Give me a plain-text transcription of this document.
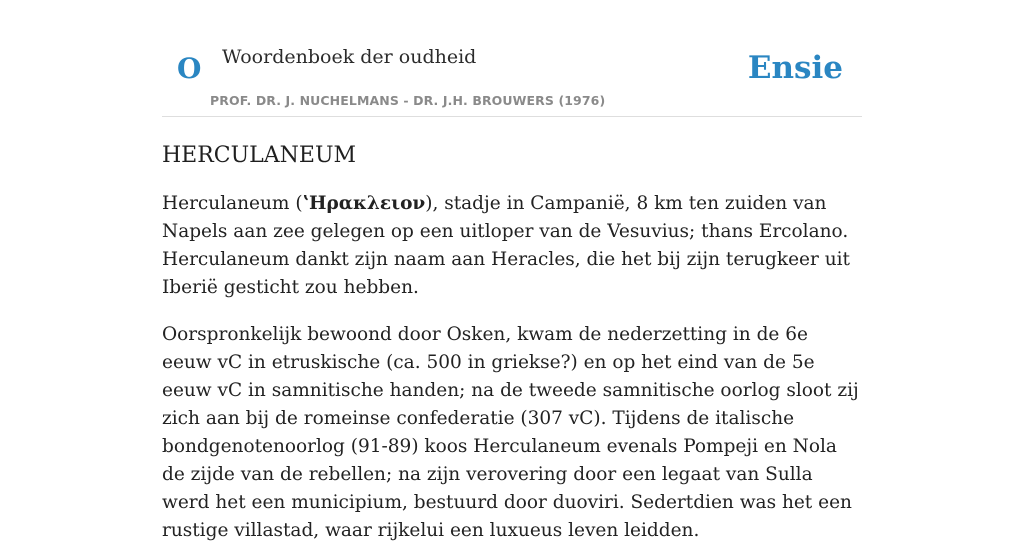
O Woordenboek der oudheid	Ensie
PROF. DR. J. NUCHELMANS - DR. J.H. BROUWERS (1976)
HERCULANEUM

Herculaneum (ʽΗρακλειον), stadje in Campanië, 8 km ten zuiden van Napels aan zee gelegen op een uitloper van de Vesuvius; thans Ercolano. Herculaneum dankt zijn naam aan Heracles, die het bij zijn terugkeer uit Iberië gesticht zou hebben.

Oorspronkelijk bewoond door Osken, kwam de nederzetting in de 6e eeuw vC in etruskische (ca. 500 in griekse?) en op het eind van de 5e eeuw vC in samnitische handen; na de tweede samnitische oorlog sloot zij zich aan bij de romeinse confederatie (307 vC). Tijdens de italische bondgenotenoorlog (91-89) koos Herculaneum evenals Pompeji en Nola de zijde van de rebellen; na zijn verovering door een legaat van Sulla werd het een municipium, bestuurd door duoviri. Sedertdien was het een rustige villastad, waar rijkelui een luxueus leven leidden.
